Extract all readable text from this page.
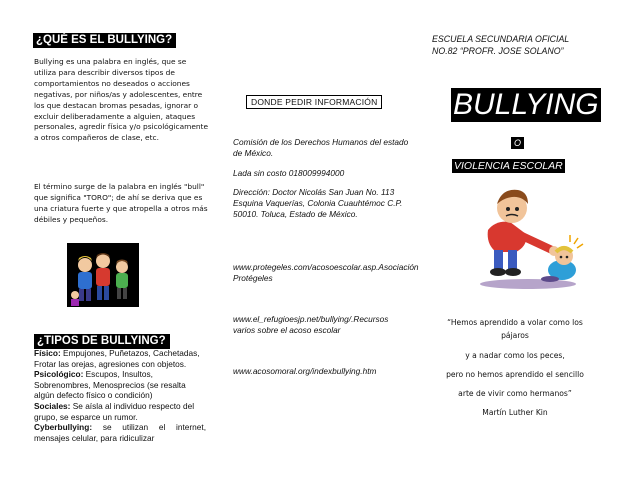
¿QUÉ ES EL BULLYING?
Bullying es una palabra en inglés, que se utiliza para describir diversos tipos de comportamientos no deseados o acciones negativas, por niños/as y adolescentes, entre los que destacan bromas pesadas, ignorar o excluir deliberadamente a alguien, ataques personales, agredir física y/o psicológicamente a otros compañeros de clase, etc.
El término surge de la palabra en inglés "bull" que significa "TORO"; de ahí se deriva que es una criatura fuerte y que atropella a otros más débiles y pequeños.
¿TIPOS DE BULLYING?
Físico: Empujones, Puñetazos, Cachetadas, Frotar las orejas, agresiones con objetos.
Psicológico: Escupos, Insultos, Sobrenombres, Menosprecios (se resalta algún defecto físico o condición)
Sociales: Se aísla al individuo respecto del grupo, se esparce un rumor.
Cyberbullying: se utilizan el internet, mensajes celular, para ridiculizar
DONDE PEDIR INFORMACIÓN
Comisión de los Derechos Humanos del estado de México.
Lada sin costo 018009994000
Dirección: Doctor Nicolás San Juan No. 113 Esquina Vaquerías, Colonia Cuauhtémoc C.P. 50010. Toluca, Estado de México.
www.protegeles.com/acosoescolar.asp.Asociación Protégeles
www.el_refugioesjp.net/bullying/.Recursos varios sobre el acoso escolar
www.acosomoral.org/indexbullying.htm
ESCUELA SECUNDARIA OFICIAL
NO.82 “PROFR. JOSE SOLANO”
BULLYING
O
VIOLENCIA ESCOLAR

“Hemos aprendido a volar como los pájaros

y a nadar como los peces,

pero no hemos aprendido el sencillo

arte de vivir como hermanos”

Martín Luther Kin
